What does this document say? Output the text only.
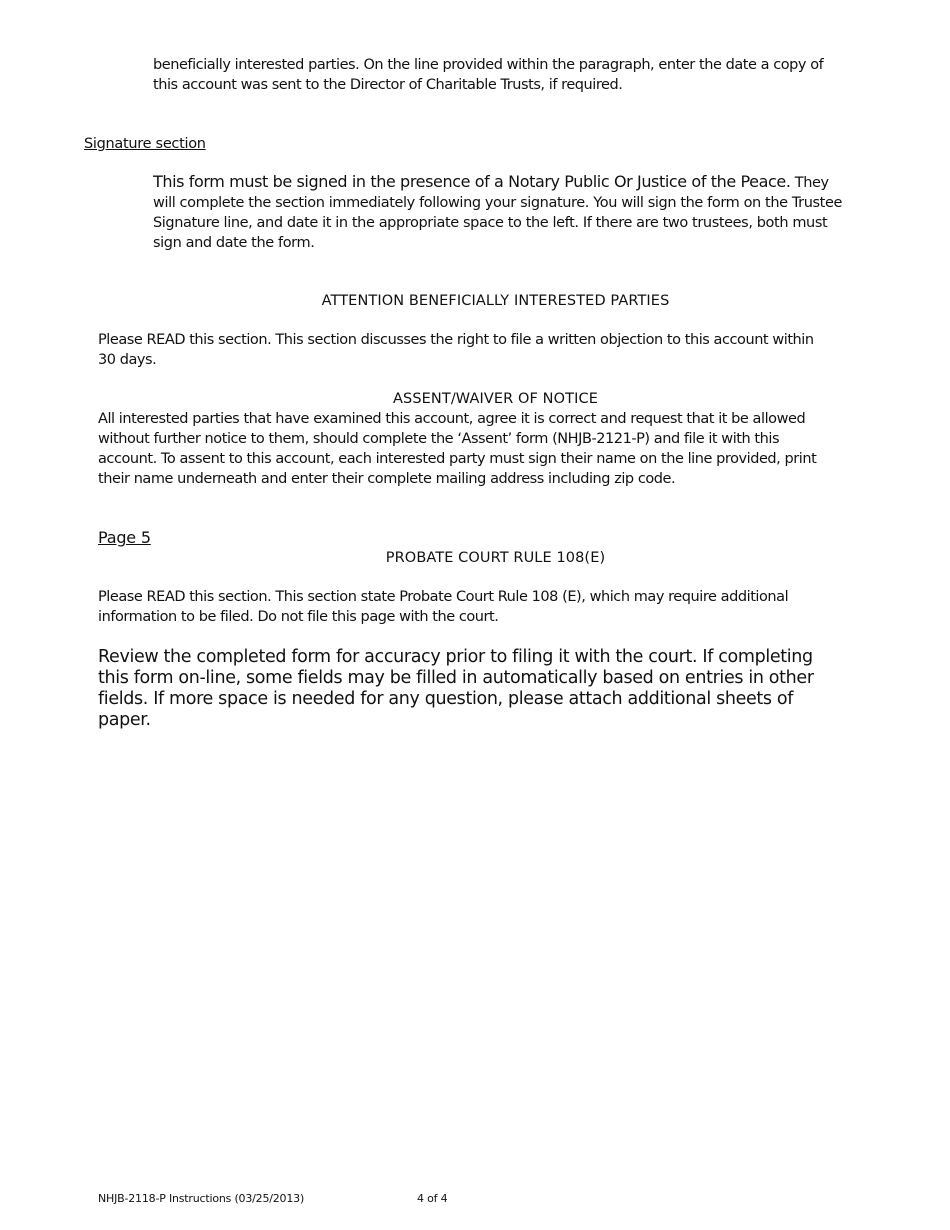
beneficially interested parties. On the line provided within the paragraph, enter the date a copy of this account was sent to the Director of Charitable Trusts, if required.

Signature section

This form must be signed in the presence of a Notary Public Or Justice of the Peace. They will complete the section immediately following your signature. You will sign the form on the Trustee Signature line, and date it in the appropriate space to the left. If there are two trustees, both must sign and date the form.

ATTENTION BENEFICIALLY INTERESTED PARTIES

Please READ this section. This section discusses the right to file a written objection to this account within 30 days.

ASSENT/WAIVER OF NOTICE

All interested parties that have examined this account, agree it is correct and request that it be allowed without further notice to them, should complete the ‘Assent’ form (NHJB-2121-P) and file it with this account. To assent to this account, each interested party must sign their name on the line provided, print their name underneath and enter their complete mailing address including zip code.

Page 5

PROBATE COURT RULE 108(E)

Please READ this section. This section state Probate Court Rule 108 (E), which may require additional information to be filed. Do not file this page with the court.

Review the completed form for accuracy prior to filing it with the court. If completing this form on-line, some fields may be filled in automatically based on entries in other fields. If more space is needed for any question, please attach additional sheets of paper.

NHJB-2118-P Instructions (03/25/2013)	4 of 4
